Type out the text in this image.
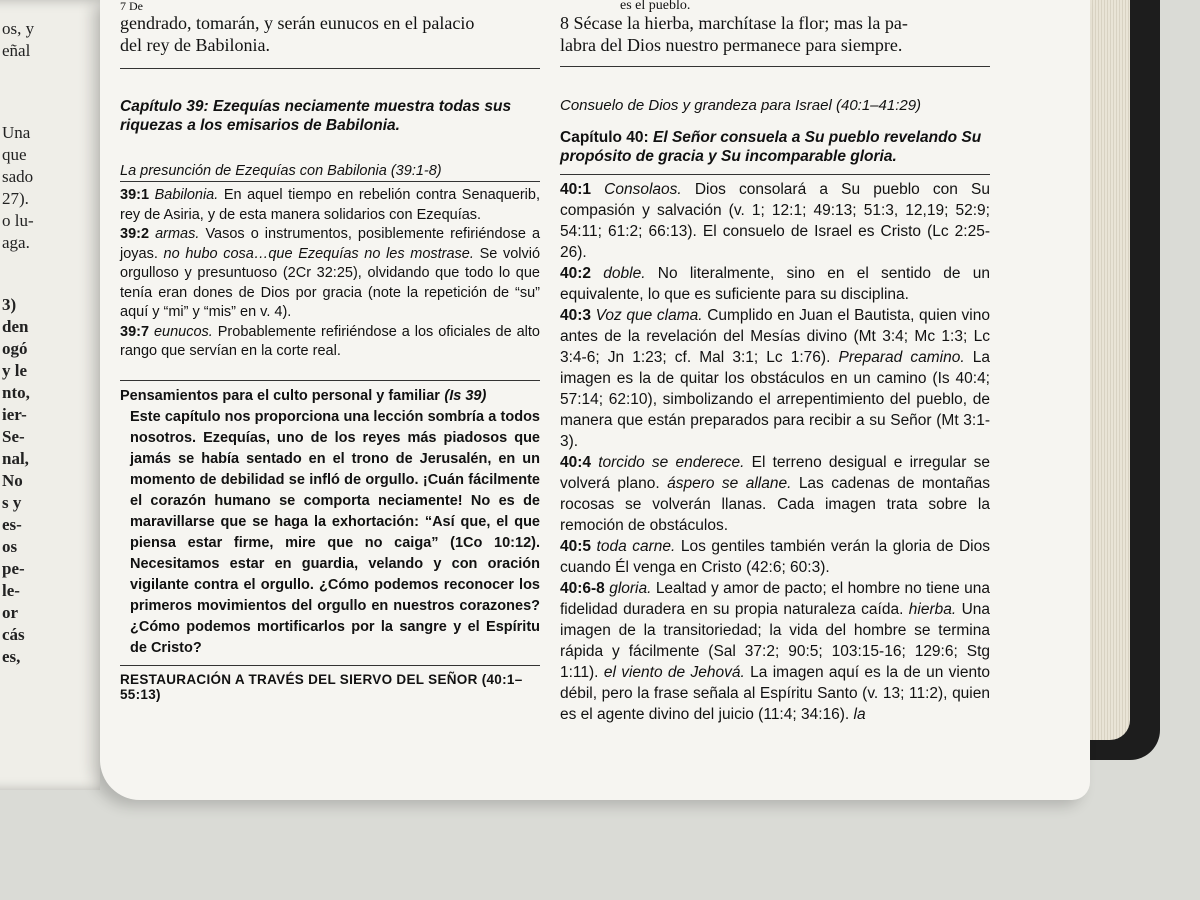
os, y
eñal
Una
que
sado
27).
o lu-
aga.
3)
den
ogó
y le
nto,
ier-
Se-
nal,
No
s y
es-
os
pe-
le-
or
cás
es,
7 De
gendrado, tomarán, y serán eunucos en el palacio
del rey de Babilonia.

Capítulo 39: Ezequías neciamente muestra todas sus riquezas a los emisarios de Babilonia.

La presunción de Ezequías con Babilonia (39:1-8)

39:1 Babilonia. En aquel tiempo en rebelión contra Senaquerib, rey de Asiria, y de esta manera solidarios con Ezequías.

39:2 armas. Vasos o instrumentos, posiblemente refiriéndose a joyas. no hubo cosa…que Ezequías no les mostrase. Se volvió orgulloso y presuntuoso (2Cr 32:25), olvidando que todo lo que tenía eran dones de Dios por gracia (note la repetición de “su” aquí y “mi” y “mis” en v. 4).

39:7 eunucos. Probablemente refiriéndose a los oficiales de alto rango que servían en la corte real.

Pensamientos para el culto personal y familiar (Is 39)

Este capítulo nos proporciona una lección sombría a todos nosotros. Ezequías, uno de los reyes más piadosos que jamás se había sentado en el trono de Jerusalén, en un momento de debilidad se infló de orgullo. ¡Cuán fácilmente el corazón humano se comporta neciamente! No es de maravillarse que se haga la exhortación: “Así que, el que piensa estar firme, mire que no caiga” (1Co 10:12). Necesitamos estar en guardia, velando y con oración vigilante contra el orgullo. ¿Cómo podemos reconocer los primeros movimientos del orgullo en nuestros corazones? ¿Cómo podemos mortificarlos por la sangre y el Espíritu de Cristo?

RESTAURACIÓN A TRAVÉS DEL SIERVO DEL SEÑOR (40:1–55:13)

es el pueblo.
8 Sécase la hierba, marchítase la flor; mas la pa-
labra del Dios nuestro permanece para siempre.

Consuelo de Dios y grandeza para Israel (40:1–41:29)

Capítulo 40: El Señor consuela a Su pueblo revelando Su propósito de gracia y Su incomparable gloria.

40:1 Consolaos. Dios consolará a Su pueblo con Su compasión y salvación (v. 1; 12:1; 49:13; 51:3, 12,19; 52:9; 54:11; 61:2; 66:13). El consuelo de Israel es Cristo (Lc 2:25-26).

40:2 doble. No literalmente, sino en el sentido de un equivalente, lo que es suficiente para su disciplina.

40:3 Voz que clama. Cumplido en Juan el Bautista, quien vino antes de la revelación del Mesías divino (Mt 3:4; Mc 1:3; Lc 3:4-6; Jn 1:23; cf. Mal 3:1; Lc 1:76). Preparad camino. La imagen es la de quitar los obstáculos en un camino (Is 40:4; 57:14; 62:10), simbolizando el arrepentimiento del pueblo, de manera que están preparados para recibir a su Señor (Mt 3:1-3).

40:4 torcido se enderece. El terreno desigual e irregular se volverá plano. áspero se allane. Las cadenas de montañas rocosas se volverán llanas. Cada imagen trata sobre la remoción de obstáculos.

40:5 toda carne. Los gentiles también verán la gloria de Dios cuando Él venga en Cristo (42:6; 60:3).

40:6-8 gloria. Lealtad y amor de pacto; el hombre no tiene una fidelidad duradera en su propia naturaleza caída. hierba. Una imagen de la transitoriedad; la vida del hombre se termina rápida y fácilmente (Sal 37:2; 90:5; 103:15-16; 129:6; Stg 1:11). el viento de Jehová. La imagen aquí es la de un viento débil, pero la frase señala al Espíritu Santo (v. 13; 11:2), quien es el agente divino del juicio (11:4; 34:16). la
